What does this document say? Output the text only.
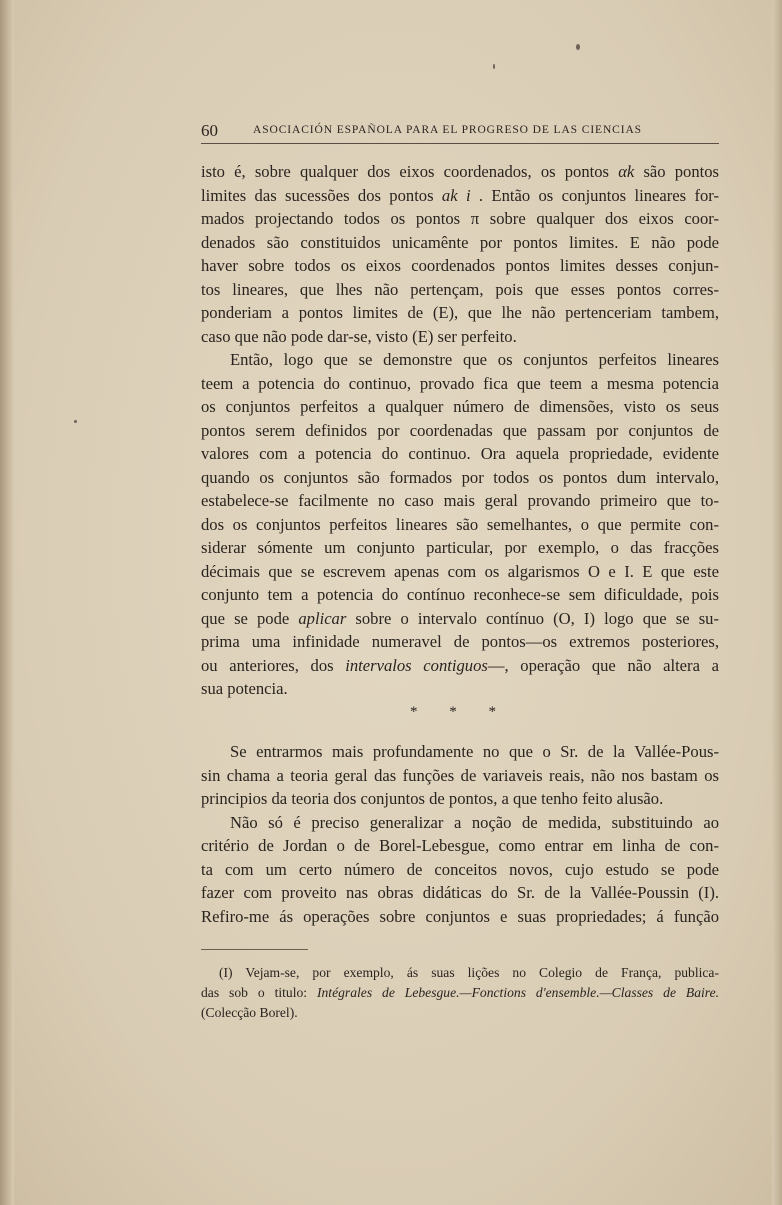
60	ASOCIACIÓN ESPAÑOLA PARA EL PROGRESO DE LAS CIENCIAS
isto é, sobre qualquer dos eixos coordenados, os pontos αk são pontos
limites das sucessões dos pontos ak i . Então os conjuntos lineares for-
mados projectando todos os pontos π sobre qualquer dos eixos coor-
denados são constituidos unicamênte por pontos limites. E não pode
haver sobre todos os eixos coordenados pontos limites desses conjun-
tos lineares, que lhes não pertençam, pois que esses pontos corres-
ponderiam a pontos limites de (E), que lhe não pertenceriam tambem,
caso que não pode dar-se, visto (E) ser perfeito.
Então, logo que se demonstre que os conjuntos perfeitos lineares
teem a potencia do continuo, provado fica que teem a mesma potencia
os conjuntos perfeitos a qualquer número de dimensões, visto os seus
pontos serem definidos por coordenadas que passam por conjuntos de
valores com a potencia do continuo. Ora aquela propriedade, evidente
quando os conjuntos são formados por todos os pontos dum intervalo,
estabelece-se facilmente no caso mais geral provando primeiro que to-
dos os conjuntos perfeitos lineares são semelhantes, o que permite con-
siderar sómente um conjunto particular, por exemplo, o das fracções
décimais que se escrevem apenas com os algarismos O e I. E que este
conjunto tem a potencia do contínuo reconhece-se sem dificuldade, pois
que se pode aplicar sobre o intervalo contínuo (O, I) logo que se su-
prima uma infinidade numeravel de pontos—os extremos posteriores,
ou anteriores, dos intervalos contiguos—, operação que não altera a
sua potencia.
* * *
Se entrarmos mais profundamente no que o Sr. de la Vallée-Pous-
sin chama a teoria geral das funções de variaveis reais, não nos bastam os
principios da teoria dos conjuntos de pontos, a que tenho feito alusão.
Não só é preciso generalizar a noção de medida, substituindo ao
critério de Jordan o de Borel-Lebesgue, como entrar em linha de con-
ta com um certo número de conceitos novos, cujo estudo se pode
fazer com proveito nas obras didáticas do Sr. de la Vallée-Poussin (I).
Refiro-me ás operações sobre conjuntos e suas propriedades; á função
(I) Vejam-se, por exemplo, ás suas lições no Colegio de França, publica-
das sob o titulo: Intégrales de Lebesgue.—Fonctions d'ensemble.—Classes de Baire.
(Colecção Borel).
